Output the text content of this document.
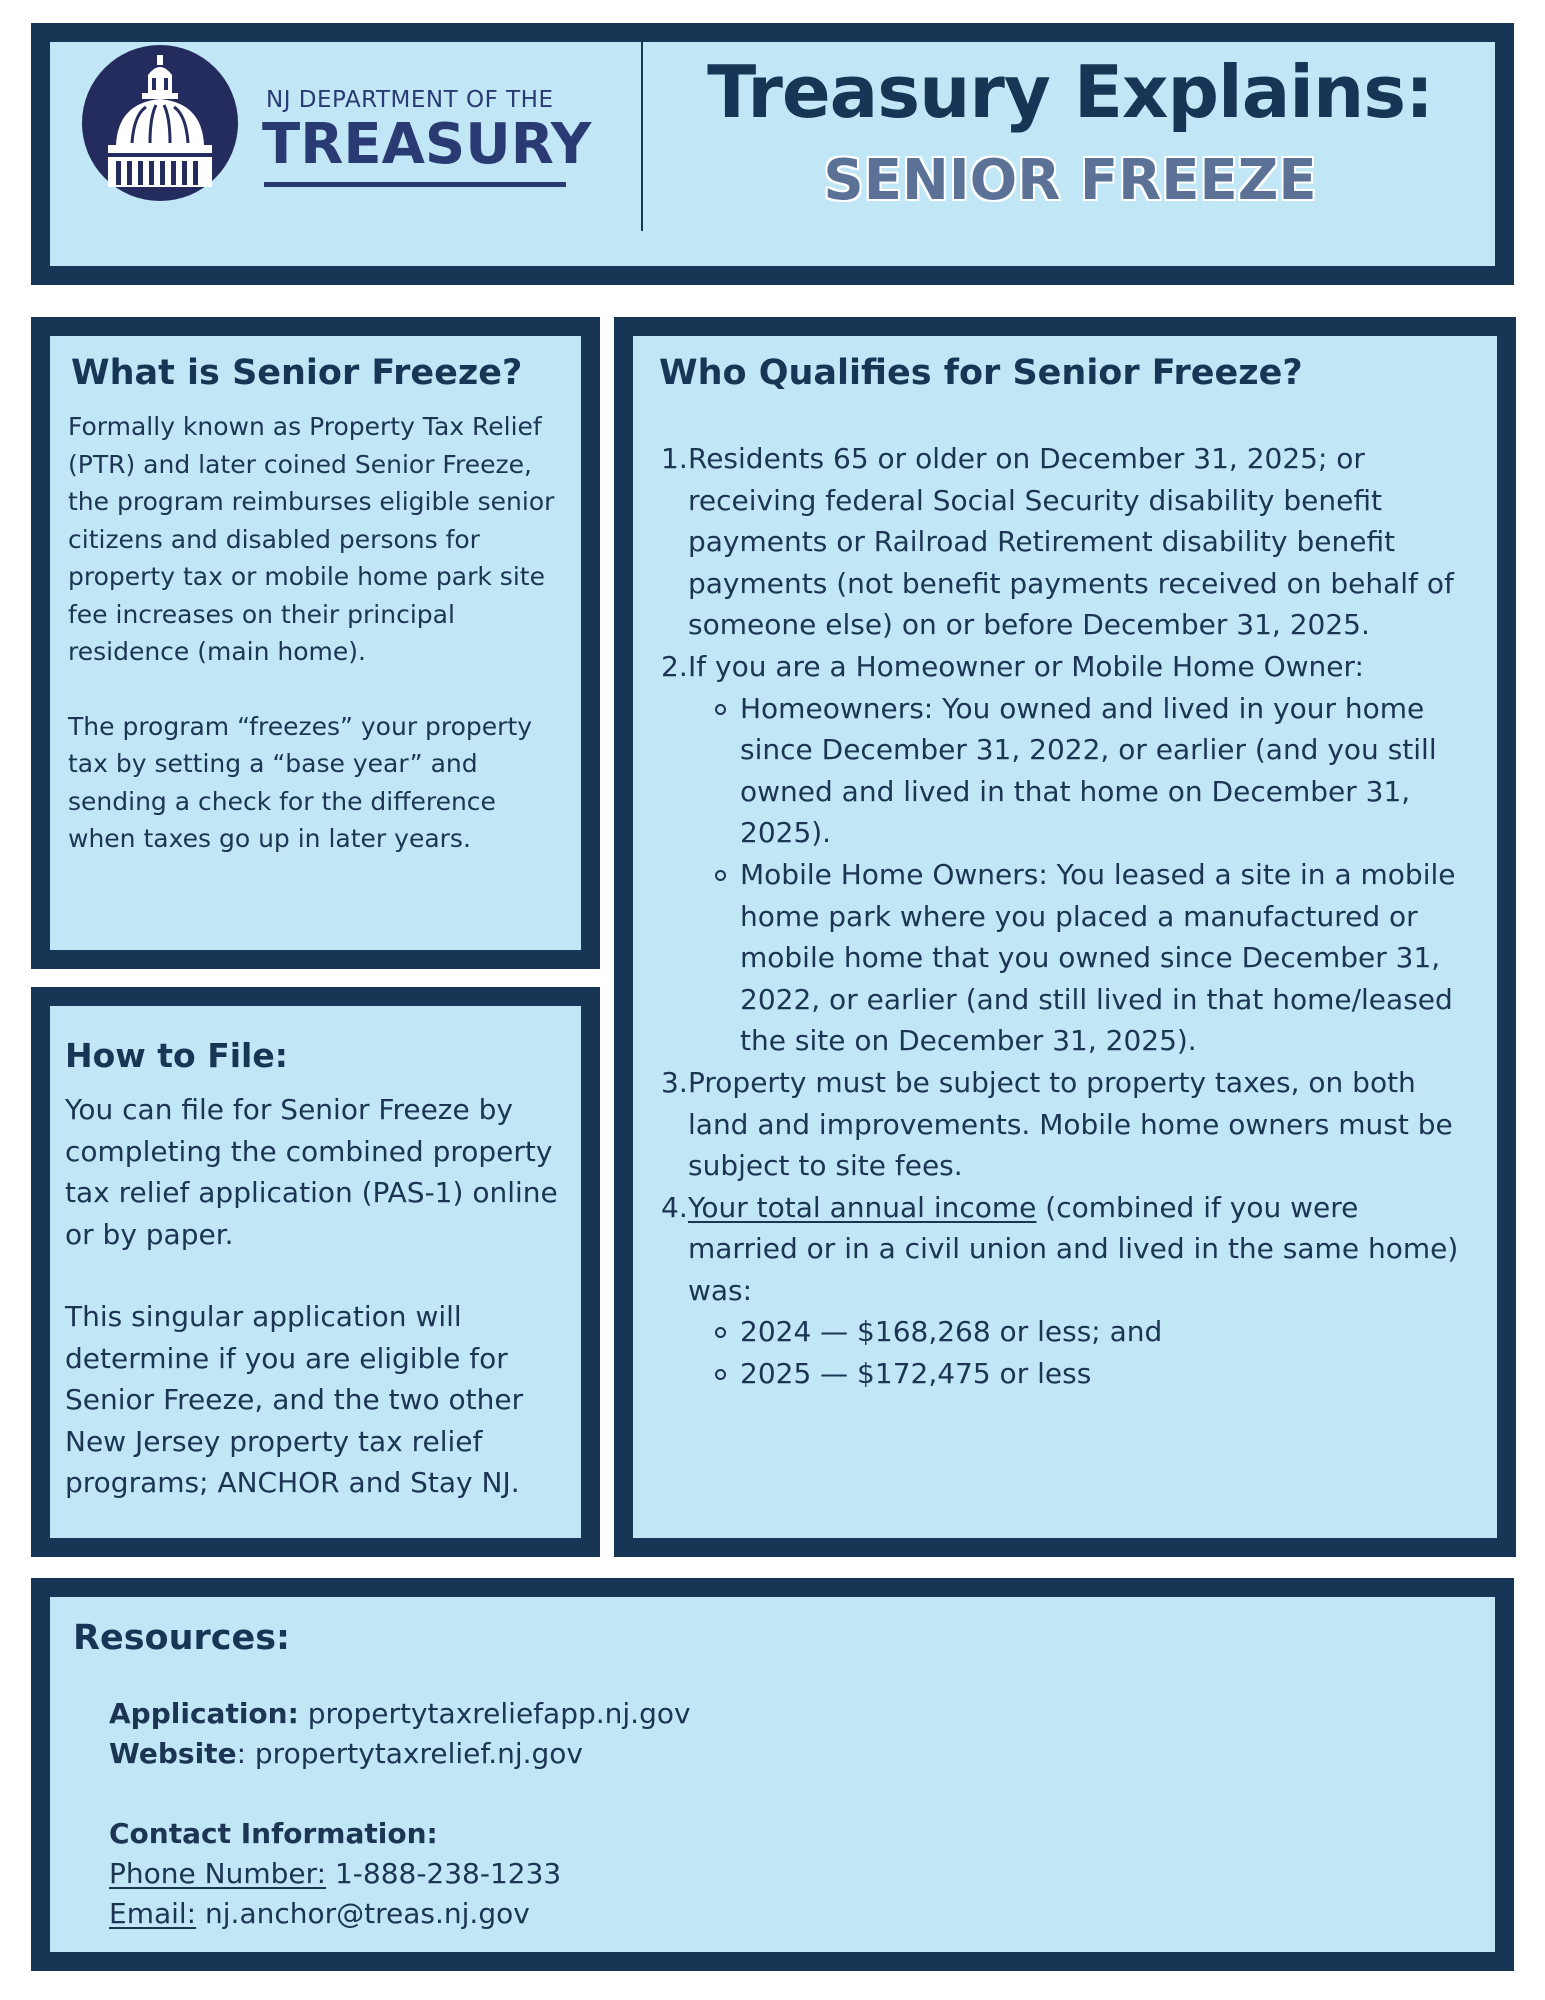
NJ DEPARTMENT OF THE
TREASURY
Treasury Explains:
SENIOR FREEZE
What is Senior Freeze?

Formally known as Property Tax Relief (PTR) and later coined Senior Freeze, the program reimburses eligible senior citizens and disabled persons for property tax or mobile home park site fee increases on their principal residence (main home).

The program “freezes” your property tax by setting a “base year” and sending a check for the difference when taxes go up in later years.

How to File:

You can file for Senior Freeze by completing the combined property tax relief application (PAS-1) online or by paper.

This singular application will determine if you are eligible for Senior Freeze, and the two other New Jersey property tax relief programs; ANCHOR and Stay NJ.

Who Qualifies for Senior Freeze?
1. Residents 65 or older on December 31, 2025; or receiving federal Social Security disability benefit payments or Railroad Retirement disability benefit payments (not benefit payments received on behalf of someone else) on or before December 31, 2025.
2. If you are a Homeowner or Mobile Home Owner:
Homeowners: You owned and lived in your home since December 31, 2022, or earlier (and you still owned and lived in that home on December 31, 2025).
Mobile Home Owners: You leased a site in a mobile home park where you placed a manufactured or mobile home that you owned since December 31, 2022, or earlier (and still lived in that home/leased the site on December 31, 2025).
3. Property must be subject to property taxes, on both land and improvements. Mobile home owners must be subject to site fees.
4. Your total annual income (combined if you were married or in a civil union and lived in the same home) was:
2024 — $168,268 or less; and
2025 — $172,475 or less
Resources:
Application: propertytaxreliefapp.nj.gov
Website: propertytaxrelief.nj.gov
Contact Information:
Phone Number: 1-888-238-1233
Email: nj.anchor@treas.nj.gov
